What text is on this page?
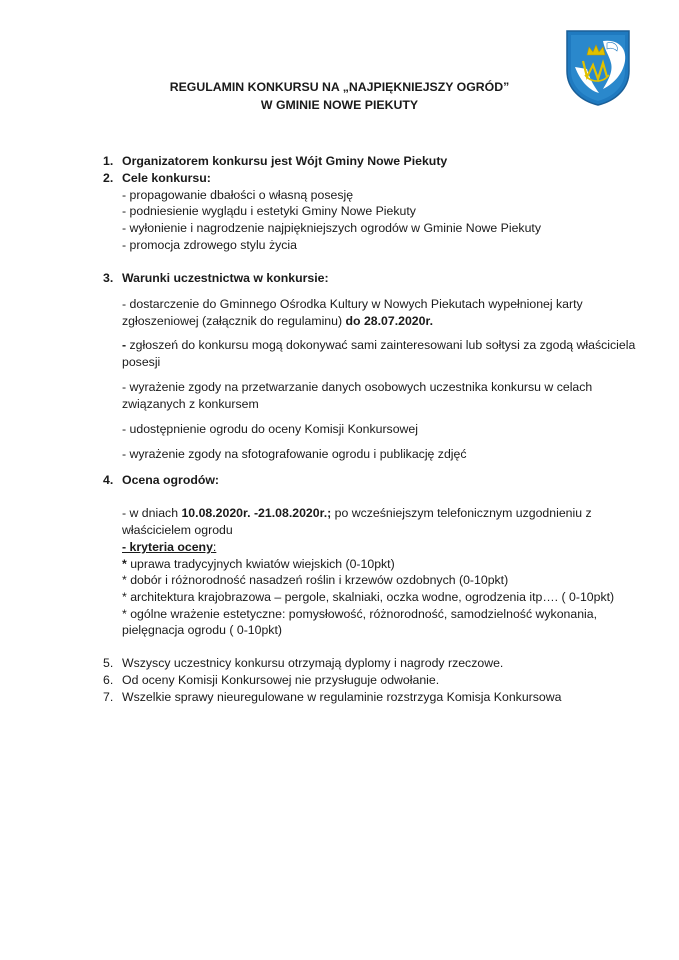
REGULAMIN KONKURSU NA „NAJPIĘKNIEJSZY OGRÓD”
W GMINIE NOWE PIEKUTY
1. Organizatorem konkursu jest Wójt Gminy Nowe Piekuty
2. Cele konkursu:
- propagowanie dbałości o własną posesję
- podniesienie wyglądu i estetyki Gminy Nowe Piekuty
- wyłonienie i nagrodzenie najpiękniejszych ogrodów w Gminie Nowe Piekuty
- promocja zdrowego stylu życia
3. Warunki uczestnictwa w konkursie:
- dostarczenie do Gminnego Ośrodka Kultury w Nowych Piekutach wypełnionej karty
zgłoszeniowej (załącznik do regulaminu) do 28.07.2020r.
- zgłoszeń do konkursu mogą dokonywać sami zainteresowani lub sołtysi za zgodą właściciela
posesji
- wyrażenie zgody na przetwarzanie danych osobowych uczestnika konkursu w celach
związanych z konkursem
- udostępnienie ogrodu do oceny Komisji Konkursowej
- wyrażenie zgody na sfotografowanie ogrodu i publikację zdjęć
4. Ocena ogrodów:
- w dniach 10.08.2020r. -21.08.2020r.; po wcześniejszym telefonicznym uzgodnieniu z
właścicielem ogrodu
- kryteria oceny:
* uprawa tradycyjnych kwiatów wiejskich (0-10pkt)
* dobór i różnorodność nasadzeń roślin i krzewów ozdobnych (0-10pkt)
* architektura krajobrazowa – pergole, skalniaki, oczka wodne, ogrodzenia itp…. ( 0-10pkt)
* ogólne wrażenie estetyczne: pomysłowość, różnorodność, samodzielność wykonania,
pielęgnacja ogrodu ( 0-10pkt)
5. Wszyscy uczestnicy konkursu otrzymają dyplomy i nagrody rzeczowe.
6. Od oceny Komisji Konkursowej nie przysługuje odwołanie.
7. Wszelkie sprawy nieuregulowane w regulaminie rozstrzyga Komisja Konkursowa
